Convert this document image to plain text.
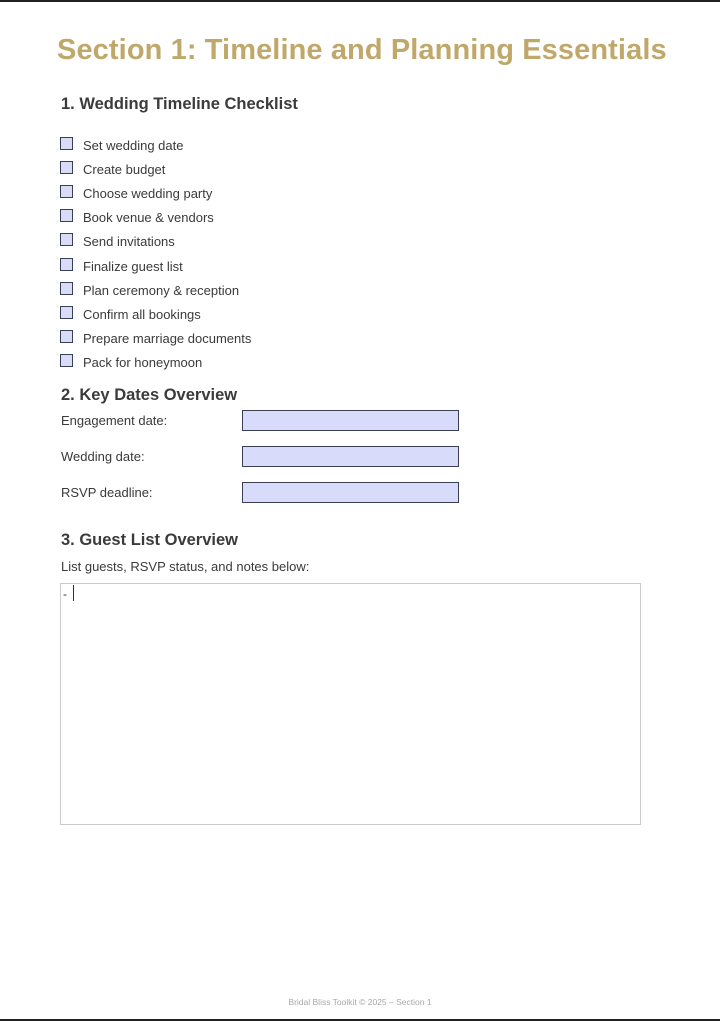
Section 1: Timeline and Planning Essentials
1. Wedding Timeline Checklist
Set wedding date
Create budget
Choose wedding party
Book venue & vendors
Send invitations
Finalize guest list
Plan ceremony & reception
Confirm all bookings
Prepare marriage documents
Pack for honeymoon
2. Key Dates Overview
Engagement date:
Wedding date:
RSVP deadline:
3. Guest List Overview
List guests, RSVP status, and notes below:
-
Bridal Bliss Toolkit © 2025 – Section 1
